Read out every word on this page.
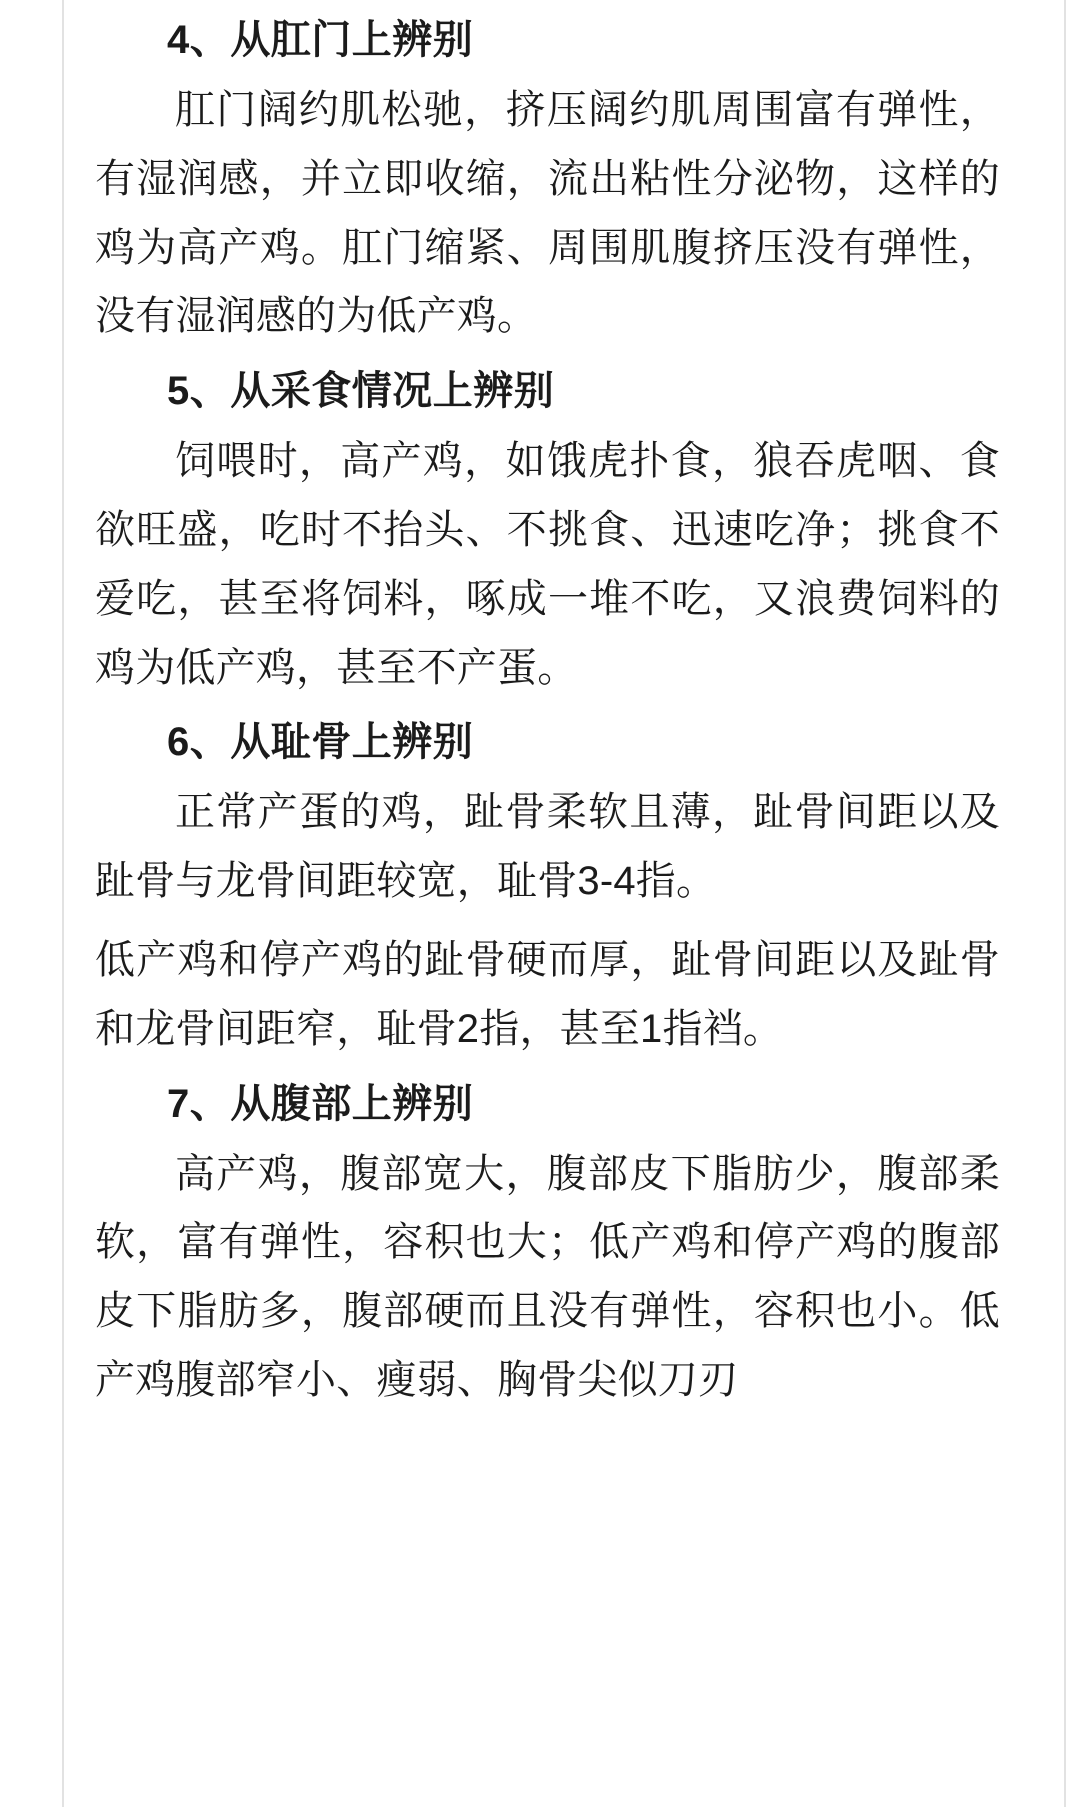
4、从肛门上辨别

肛门阔约肌松驰，挤压阔约肌周围富有弹性，有湿润感，并立即收缩，流出粘性分泌物，这样的鸡为高产鸡。肛门缩紧、周围肌腹挤压没有弹性，没有湿润感的为低产鸡。

5、从采食情况上辨别

饲喂时，高产鸡，如饿虎扑食，狼吞虎咽、食欲旺盛，吃时不抬头、不挑食、迅速吃净；挑食不爱吃，甚至将饲料，啄成一堆不吃，又浪费饲料的鸡为低产鸡，甚至不产蛋。

6、从耻骨上辨别

正常产蛋的鸡，趾骨柔软且薄，趾骨间距以及趾骨与龙骨间距较宽，耻骨3-4指。

低产鸡和停产鸡的趾骨硬而厚，趾骨间距以及趾骨和龙骨间距窄，耻骨2指，甚至1指裆。

7、从腹部上辨别

高产鸡，腹部宽大，腹部皮下脂肪少，腹部柔软，富有弹性，容积也大；低产鸡和停产鸡的腹部皮下脂肪多，腹部硬而且没有弹性，容积也小。低产鸡腹部窄小、瘦弱、胸骨尖似刀刃
